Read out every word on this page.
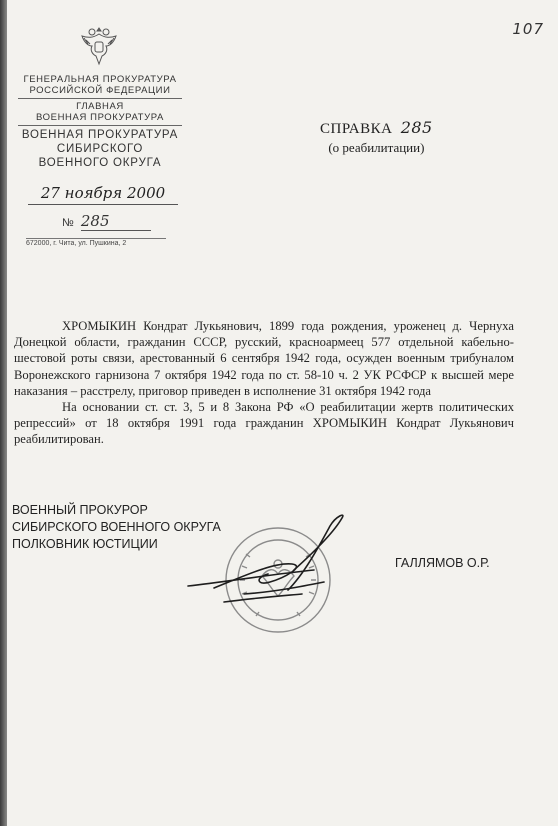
107
ГЕНЕРАЛЬНАЯ ПРОКУРАТУРА
РОССИЙСКОЙ ФЕДЕРАЦИИ
ГЛАВНАЯ
ВОЕННАЯ ПРОКУРАТУРА
ВОЕННАЯ ПРОКУРАТУРА
СИБИРСКОГО
ВОЕННОГО ОКРУГА
27 ноября 2000
№ 285
672000, г. Чита, ул. Пушкина, 2
СПРАВКА 285
(о реабилитации)

ХРОМЫКИН Кондрат Лукьянович, 1899 года рождения, уроженец д. Чернуха Донецкой области, гражданин СССР, русский, красноармеец 577 отдельной кабельно-шестовой роты связи, арестованный 6 сентября 1942 года, осужден военным трибуналом Воронежского гарнизона 7 октября 1942 года по ст. 58-10 ч. 2 УК РСФСР к высшей мере наказания – расстрелу, приговор приведен в исполнение 31 октября 1942 года

На основании ст. ст. 3, 5 и 8 Закона РФ «О реабилитации жертв политических репрессий» от 18 октября 1991 года гражданин ХРОМЫКИН Кондрат Лукьянович реабилитирован.

ВОЕННЫЙ ПРОКУРОР
СИБИРСКОГО ВОЕННОГО ОКРУГА
ПОЛКОВНИК ЮСТИЦИИ
ГАЛЛЯМОВ О.Р.
